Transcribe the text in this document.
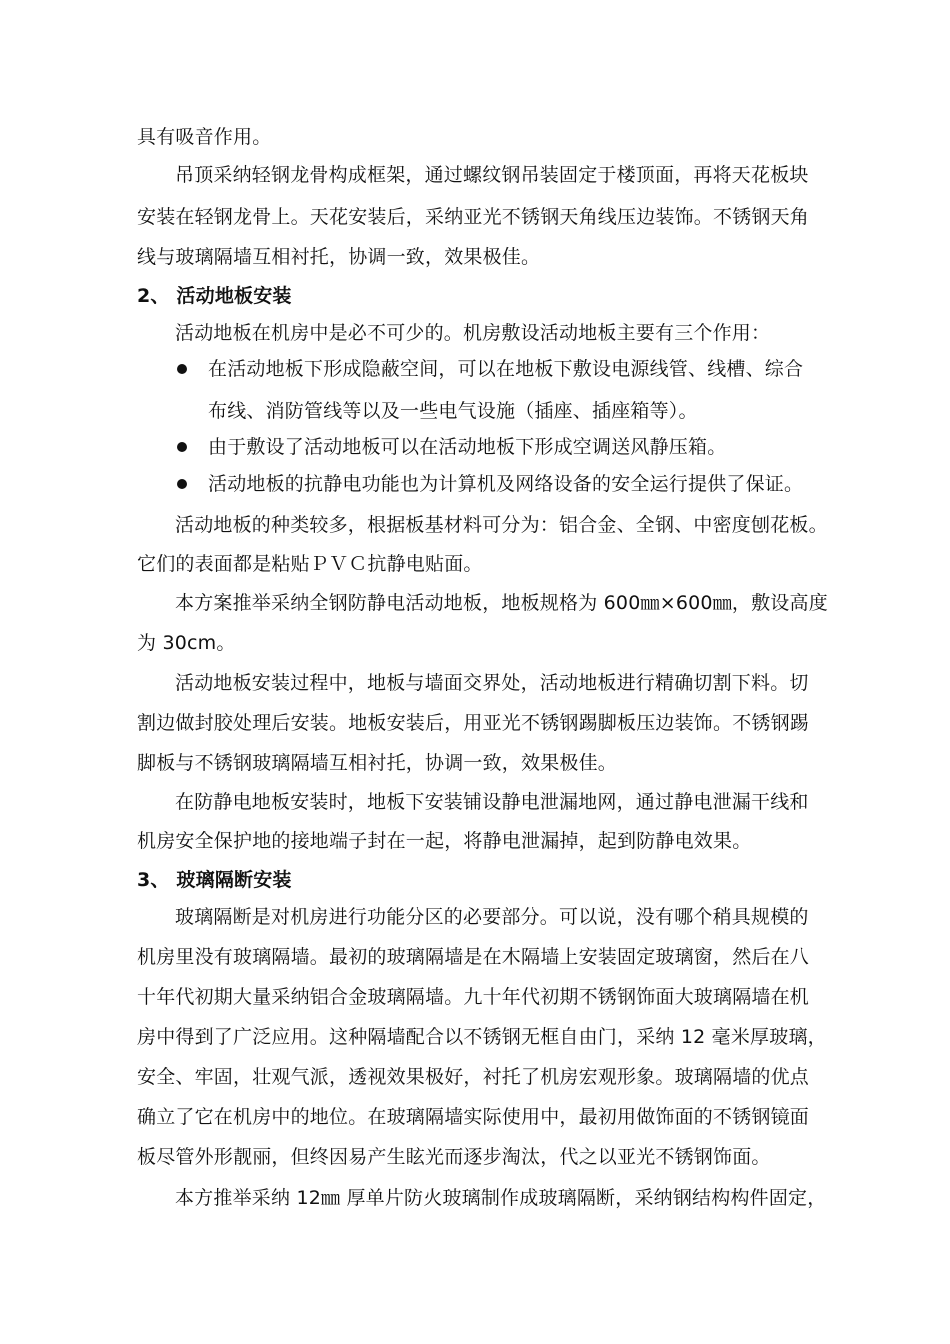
具有吸音作用。
吊顶采纳轻钢龙骨构成框架，通过螺纹钢吊装固定于楼顶面，再将天花板块
安装在轻钢龙骨上。天花安装后，采纳亚光不锈钢天角线压边装饰。不锈钢天角
线与玻璃隔墙互相衬托，协调一致，效果极佳。
2、 活动地板安装
活动地板在机房中是必不可少的。机房敷设活动地板主要有三个作用：
在活动地板下形成隐蔽空间，可以在地板下敷设电源线管、线槽、综合
布线、消防管线等以及一些电气设施（插座、插座箱等）。
由于敷设了活动地板可以在活动地板下形成空调送风静压箱。
活动地板的抗静电功能也为计算机及网络设备的安全运行提供了保证。
活动地板的种类较多，根据板基材料可分为：铝合金、全钢、中密度刨花板。
它们的表面都是粘贴ＰＶＣ抗静电贴面。
本方案推举采纳全钢防静电活动地板，地板规格为 600㎜×600㎜，敷设高度
为 30cm。
活动地板安装过程中，地板与墙面交界处，活动地板进行精确切割下料。切
割边做封胶处理后安装。地板安装后，用亚光不锈钢踢脚板压边装饰。不锈钢踢
脚板与不锈钢玻璃隔墙互相衬托，协调一致，效果极佳。
在防静电地板安装时，地板下安装铺设静电泄漏地网，通过静电泄漏干线和
机房安全保护地的接地端子封在一起，将静电泄漏掉，起到防静电效果。
3、 玻璃隔断安装
玻璃隔断是对机房进行功能分区的必要部分。可以说，没有哪个稍具规模的
机房里没有玻璃隔墙。最初的玻璃隔墙是在木隔墙上安装固定玻璃窗，然后在八
十年代初期大量采纳铝合金玻璃隔墙。九十年代初期不锈钢饰面大玻璃隔墙在机
房中得到了广泛应用。这种隔墙配合以不锈钢无框自由门，采纳 12 毫米厚玻璃，
安全、牢固，壮观气派，透视效果极好，衬托了机房宏观形象。玻璃隔墙的优点
确立了它在机房中的地位。在玻璃隔墙实际使用中，最初用做饰面的不锈钢镜面
板尽管外形靓丽，但终因易产生眩光而逐步淘汰，代之以亚光不锈钢饰面。
本方推举采纳 12㎜ 厚单片防火玻璃制作成玻璃隔断，采纳钢结构构件固定，
